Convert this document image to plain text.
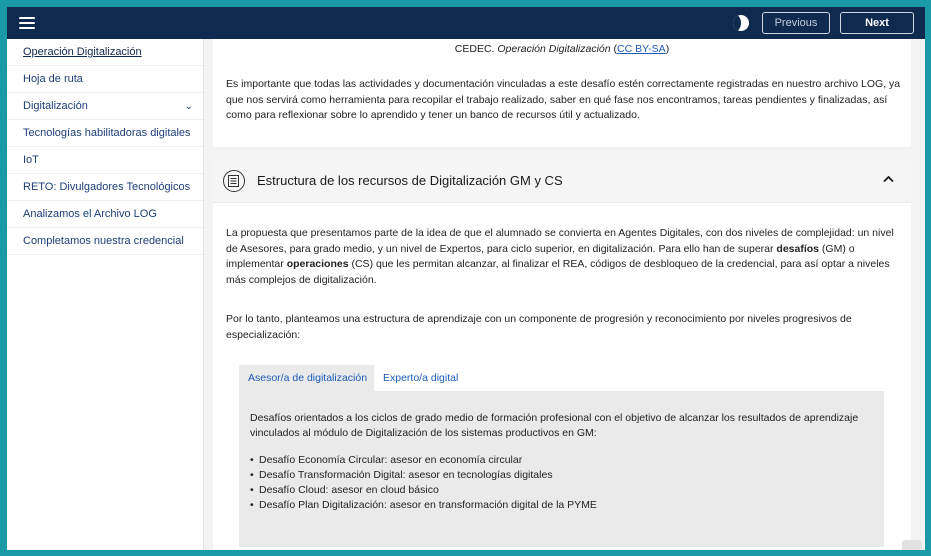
Previous	Next
Operación Digitalización
Hoja de ruta
Digitalización	⌄
Tecnologías habilitadoras digitales
IoT
RETO: Divulgadores Tecnológicos
Analizamos el Archivo LOG
Completamos nuestra credencial
CEDEC. Operación Digitalización (CC BY-SA)

Es importante que todas las actividades y documentación vinculadas a este desafío estén correctamente registradas en nuestro archivo LOG, ya que nos servirá como herramienta para recopilar el trabajo realizado, saber en qué fase nos encontramos, tareas pendientes y finalizadas, así como para reflexionar sobre lo aprendido y tener un banco de recursos útil y actualizado.

Estructura de los recursos de Digitalización GM y CS

La propuesta que presentamos parte de la idea de que el alumnado se convierta en Agentes Digitales, con dos niveles de complejidad: un nivel de Asesores, para grado medio, y un nivel de Expertos, para ciclo superior, en digitalización. Para ello han de superar desafíos (GM) o implementar operaciones (CS) que les permitan alcanzar, al finalizar el REA, códigos de desbloqueo de la credencial, para así optar a niveles más complejos de digitalización.

Por lo tanto, planteamos una estructura de aprendizaje con un componente de progresión y reconocimiento por niveles progresivos de especialización:

Asesor/a de digitalización	Experto/a digital

Desafíos orientados a los ciclos de grado medio de formación profesional con el objetivo de alcanzar los resultados de aprendizaje vinculados al módulo de Digitalización de los sistemas productivos en GM:

• Desafío Economía Circular: asesor en economía circular
• Desafío Transformación Digital: asesor en tecnologías digitales
• Desafío Cloud: asesor en cloud básico
• Desafío Plan Digitalización: asesor en transformación digital de la PYME
